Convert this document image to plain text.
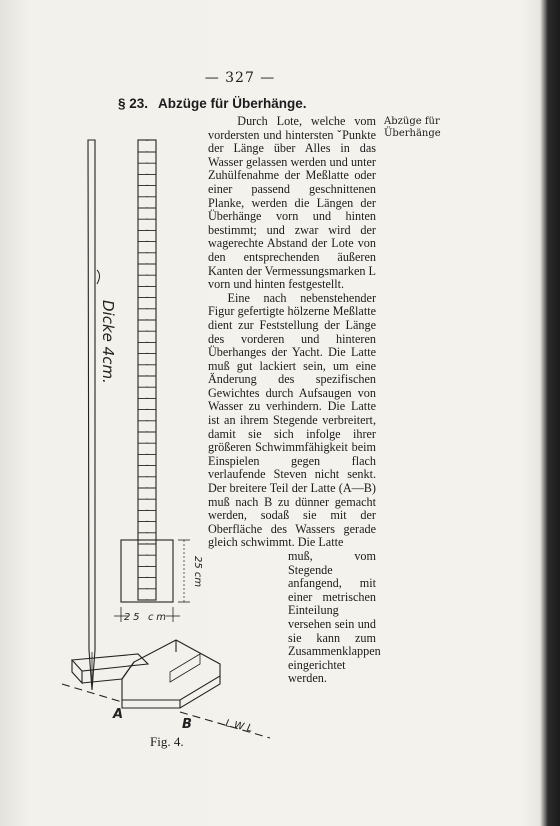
— 327 —
§ 23. Abzüge für Überhänge.
Abzüge für
Überhänge

Durch Lote, welche vom vordersten und hintersten ˇPunkte der Länge über Alles in das Wasser gelassen werden und unter Zuhülfenahme der Meßlatte oder einer passend geschnittenen Planke, werden die Längen der Überhänge vorn und hinten bestimmt; und zwar wird der wagerechte Abstand der Lote von den entsprechenden äußeren Kanten der Vermessungsmarken L vorn und hinten festgestellt.

Eine nach nebenstehender Figur gefertigte hölzerne Meßlatte dient zur Feststellung der Länge des vorderen und hinteren Überhanges der Yacht. Die Latte muß gut lackiert sein, um eine Änderung des spezifischen Gewichtes durch Aufsaugen von Wasser zu verhindern. Die Latte ist an ihrem Stegende verbreitert, damit sie sich infolge ihrer größeren Schwimmfähigkeit beim Einspielen gegen flach verlaufende Steven nicht senkt. Der breitere Teil der Latte (A—B) muß nach B zu dünner gemacht werden, sodaß sie mit der Oberfläche des Wassers gerade gleich schwimmt. Die Latte

muß, vom Stegende anfangend, mit einer metrischen Einteilung versehen sein und sie kann zum Zusammenklappen eingerichtet werden.

Dicke 4cm.
25 cm
25 cm
A
B	L W L
Fig. 4.
